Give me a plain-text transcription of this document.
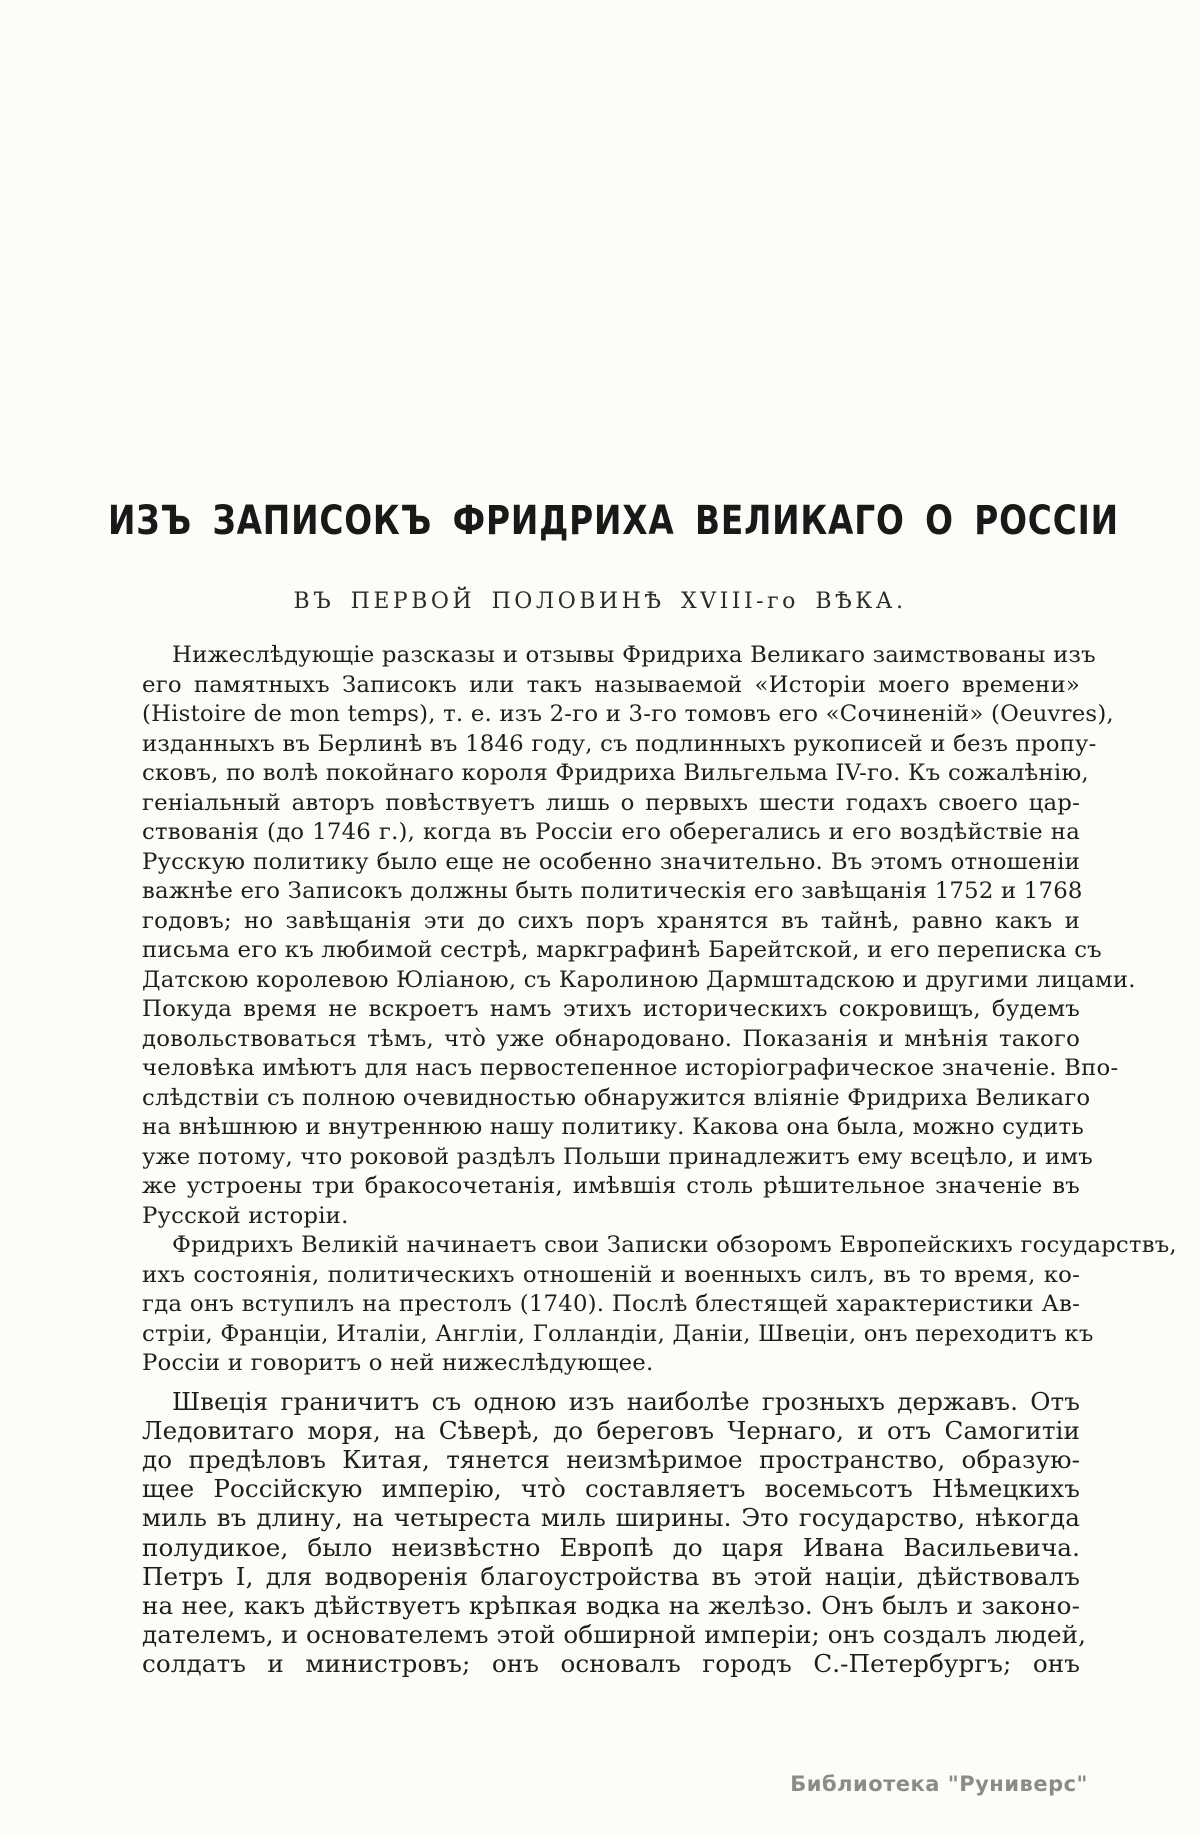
ИЗЪ ЗАПИСОКЪ ФРИДРИХА ВЕЛИКАГО О РОССІИ
ВЪ ПЕРВОЙ ПОЛОВИНѢ XVIII-го ВѢКА.
Нижеслѣдующіе разсказы и отзывы Фридриха Великаго заимствованы изъ
его памятныхъ Записокъ или такъ называемой «Исторіи моего времени»
(Histoire de mon temps), т. е. изъ 2-го и 3-го томовъ его «Сочиненій» (Oeuvres),
изданныхъ въ Берлинѣ въ 1846 году, съ подлинныхъ рукописей и безъ пропу-
сковъ, по волѣ покойнаго короля Фридриха Вильгельма IV-го. Къ сожалѣнію,
геніальный авторъ повѣствуетъ лишь о первыхъ шести годахъ своего цар-
ствованія (до 1746 г.), когда въ Россіи его оберегались и его воздѣйствіе на
Русскую политику было еще не особенно значительно. Въ этомъ отношеніи
важнѣе его Записокъ должны быть политическія его завѣщанія 1752 и 1768
годовъ; но завѣщанія эти до сихъ поръ хранятся въ тайнѣ, равно какъ и
письма его къ любимой сестрѣ, маркграфинѣ Барейтской, и его переписка съ
Датскою королевою Юліаною, съ Каролиною Дармштадскою и другими лицами.
Покуда время не вскроетъ намъ этихъ историческихъ сокровищъ, будемъ
довольствоваться тѣмъ, что̀ уже обнародовано. Показанія и мнѣнія такого
человѣка имѣютъ для насъ первостепенное исторіографическое значеніе. Впо-
слѣдствіи съ полною очевидностью обнаружится вліяніе Фридриха Великаго
на внѣшнюю и внутреннюю нашу политику. Какова она была, можно судить
уже потому, что роковой раздѣлъ Польши принадлежитъ ему всецѣло, и имъ
же устроены три бракосочетанія, имѣвшія столь рѣшительное значеніе въ
Русской исторіи.
Фридрихъ Великій начинаетъ свои Записки обзоромъ Европейскихъ государствъ,
ихъ состоянія, политическихъ отношеній и военныхъ силъ, въ то время, ко-
гда онъ вступилъ на престолъ (1740). Послѣ блестящей характеристики Ав-
стріи, Франціи, Италіи, Англіи, Голландіи, Даніи, Швеціи, онъ переходитъ къ
Россіи и говоритъ о ней нижеслѣдующее.
Швеція граничитъ съ одною изъ наиболѣе грозныхъ державъ. Отъ
Ледовитаго моря, на Сѣверѣ, до береговъ Чернаго, и отъ Самогитіи
до предѣловъ Китая, тянется неизмѣримое пространство, образую-
щее Россійскую имперію, что̀ составляетъ восемьсотъ Нѣмецкихъ
миль въ длину, на четыреста миль ширины. Это государство, нѣкогда
полудикое, было неизвѣстно Европѣ до царя Ивана Васильевича.
Петръ I, для водворенія благоустройства въ этой націи, дѣйствовалъ
на нее, какъ дѣйствуетъ крѣпкая водка на желѣзо. Онъ былъ и законо-
дателемъ, и основателемъ этой обширной имперіи; онъ создалъ людей,
солдатъ и министровъ; онъ основалъ городъ С.-Петербургъ; онъ
Библиотека "Руниверс"
